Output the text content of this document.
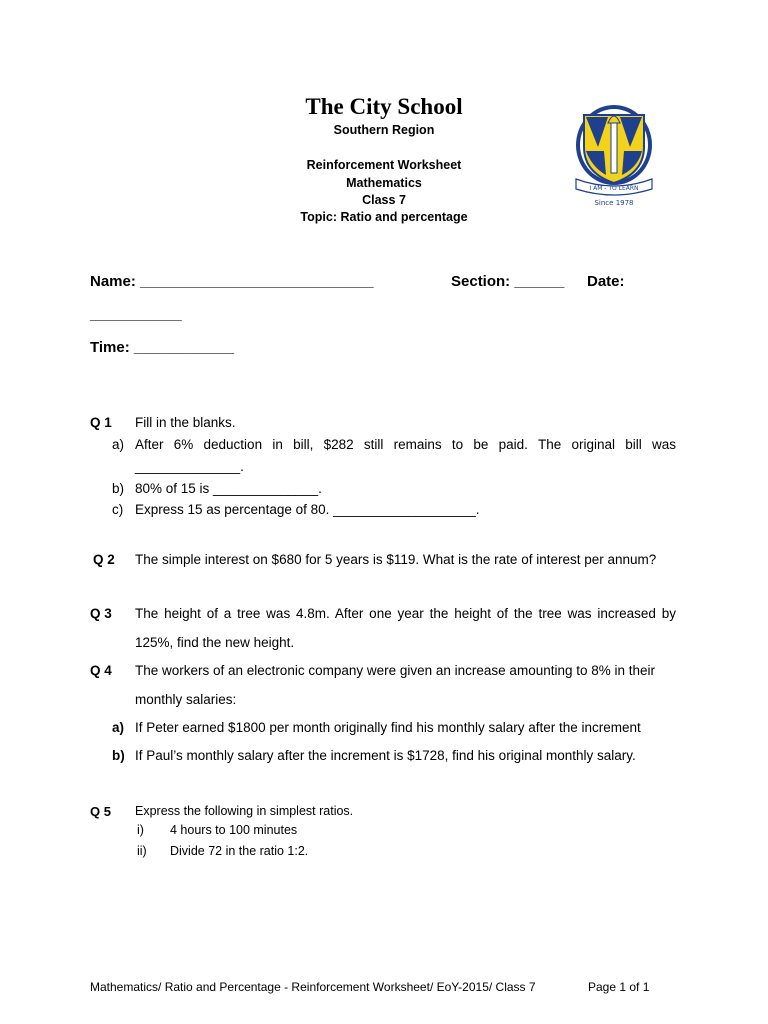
The City School
Southern Region
Reinforcement Worksheet
Mathematics
Class 7
Topic: Ratio and percentage
I AM - TO LEARN
Since 1978
Name: ____________________________	Section: ______ Date:
___________
Time: ____________
Q 1 Fill in the blanks.
a) After 6% deduction in bill, $282 still remains to be paid. The original bill was
______________.
b) 80% of 15 is ______________.
c) Express 15 as percentage of 80. ___________________.
Q 2 The simple interest on $680 for 5 years is $119. What is the rate of interest per annum?
Q 3 The height of a tree was 4.8m. After one year the height of the tree was increased by
125%, find the new height.
Q 4 The workers of an electronic company were given an increase amounting to 8% in their
monthly salaries:
a) If Peter earned $1800 per month originally find his monthly salary after the increment
b) If Paul’s monthly salary after the increment is $1728, find his original monthly salary.
Q 5 Express the following in simplest ratios.
i) 4 hours to 100 minutes
ii) Divide 72 in the ratio 1:2.
Mathematics/ Ratio and Percentage - Reinforcement Worksheet/ EoY-2015/ Class 7	Page 1 of 1
